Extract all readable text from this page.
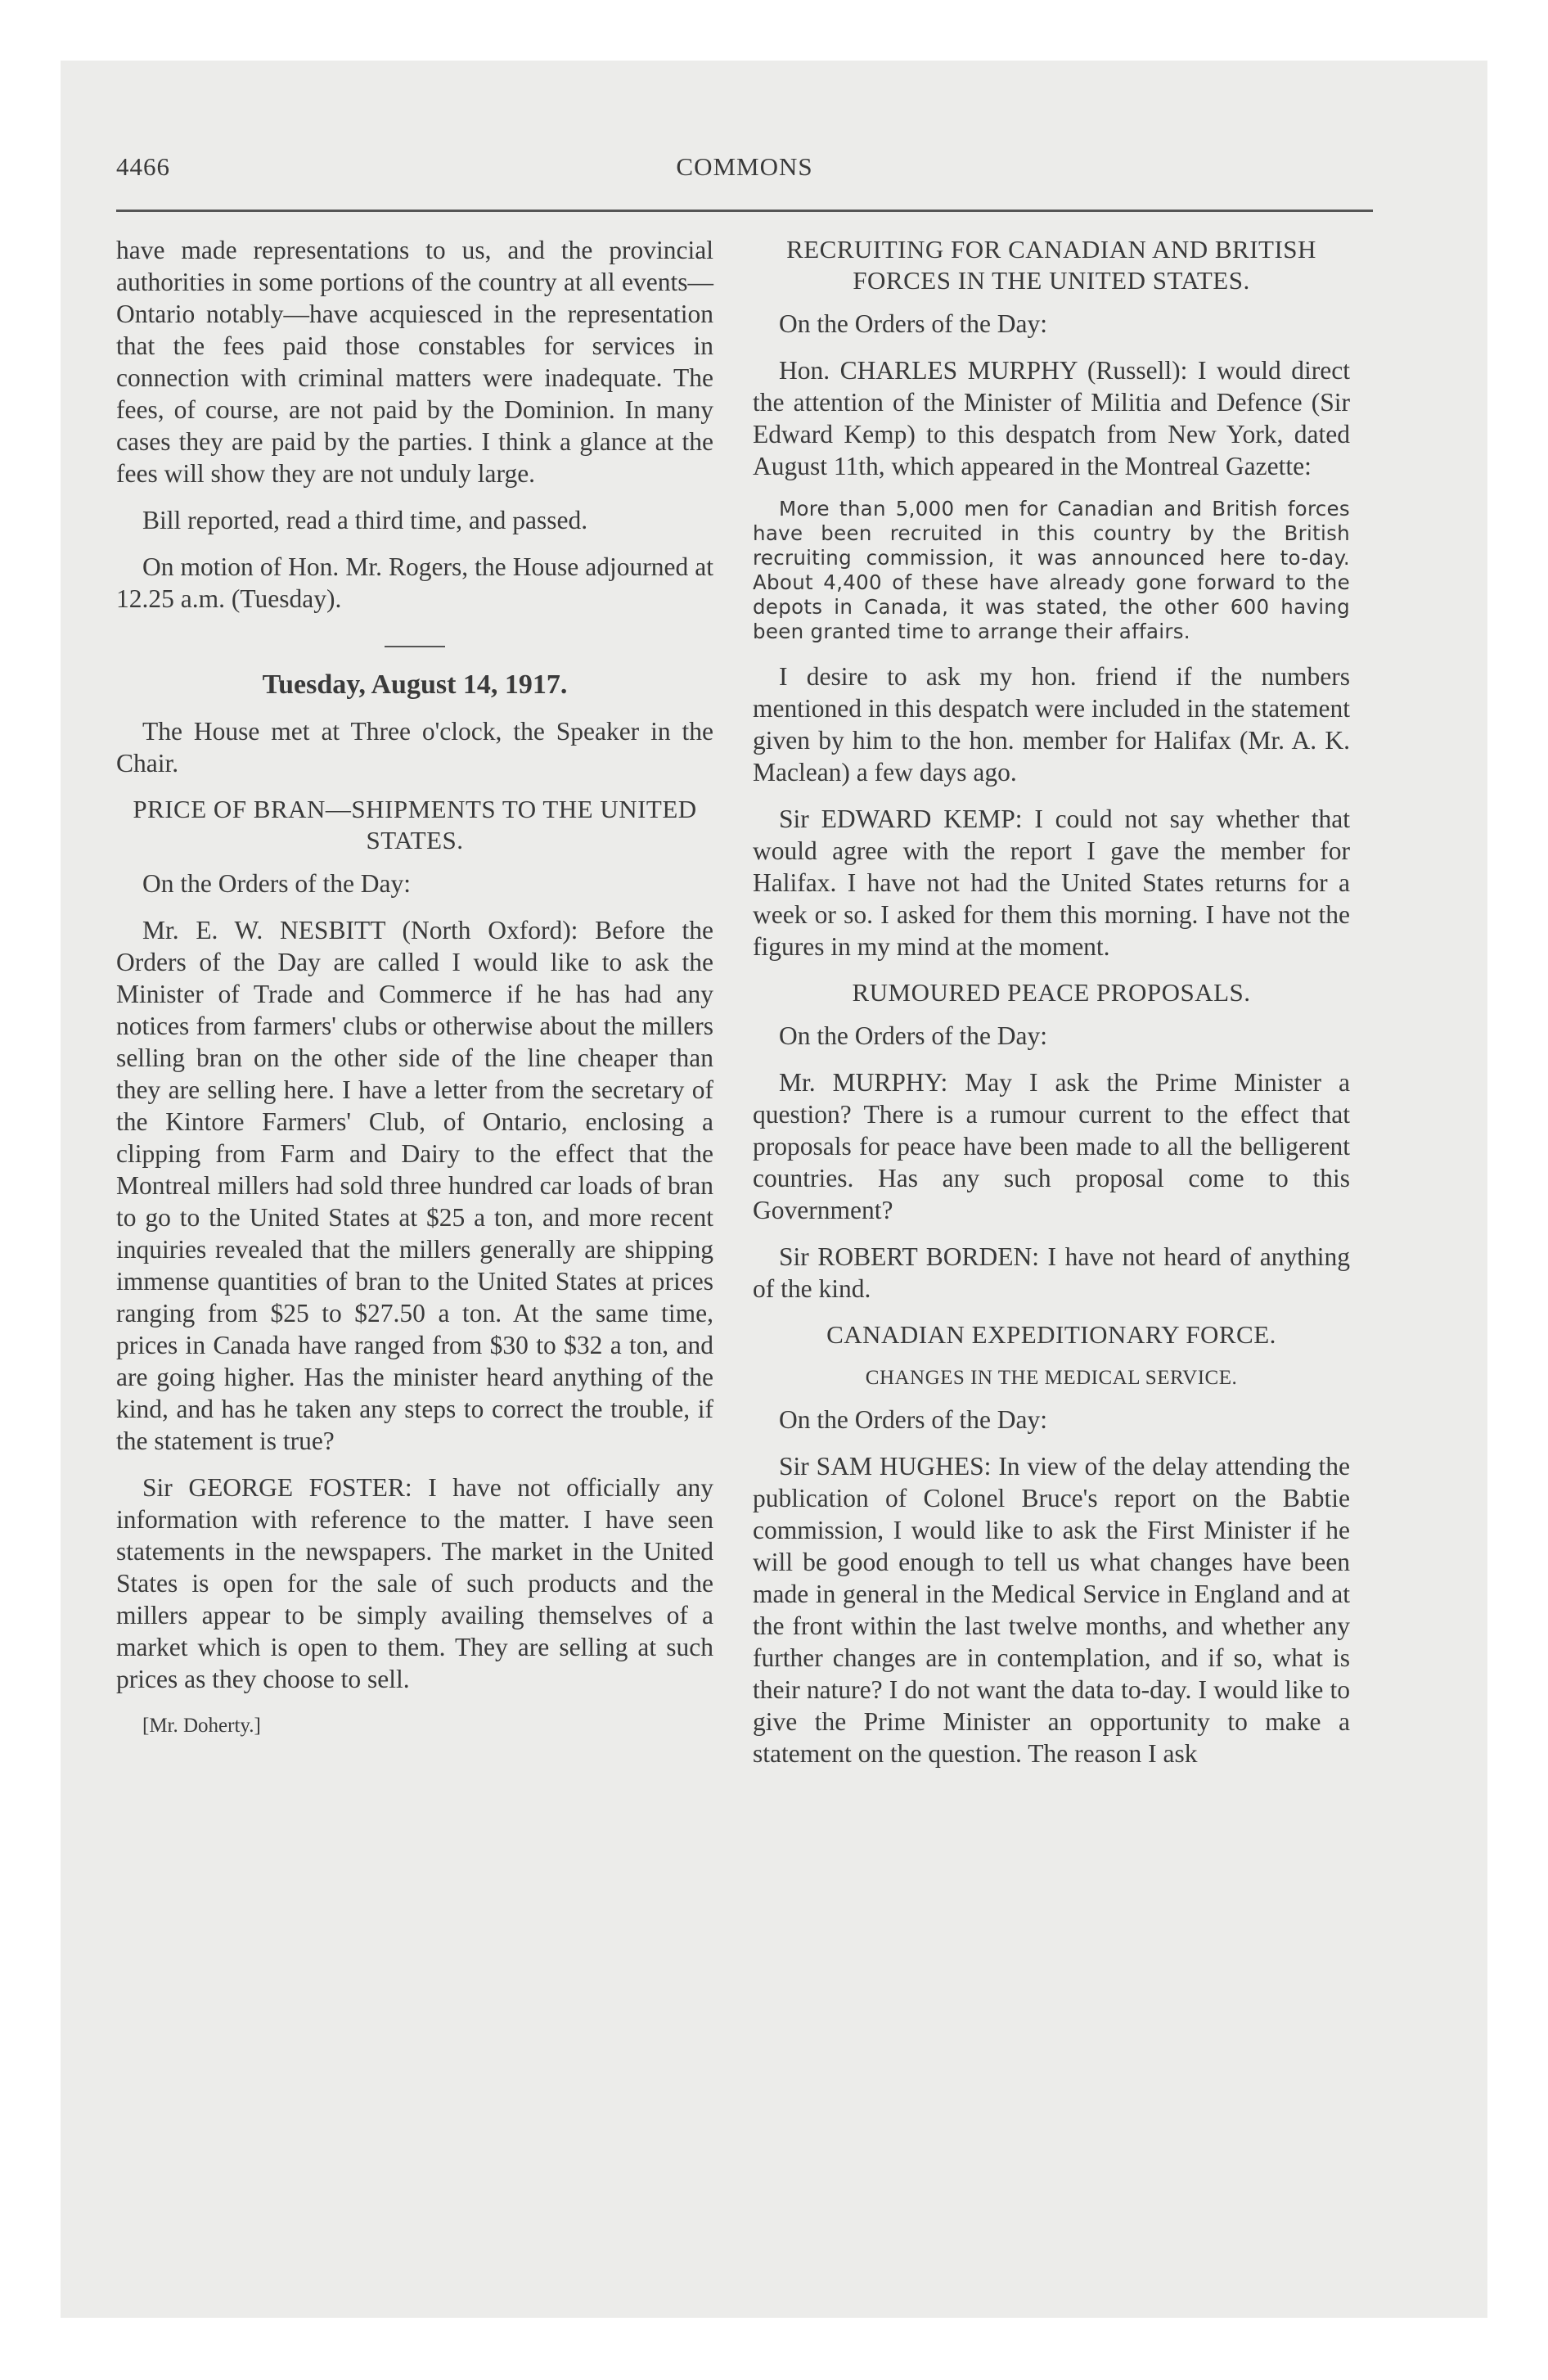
4466	COMMONS

have made representations to us, and the provincial authorities in some portions of the country at all events—Ontario notably—have acquiesced in the representation that the fees paid those constables for services in connection with criminal matters were inadequate. The fees, of course, are not paid by the Dominion. In many cases they are paid by the parties. I think a glance at the fees will show they are not unduly large.

Bill reported, read a third time, and passed.

On motion of Hon. Mr. Rogers, the House adjourned at 12.25 a.m. (Tuesday).

Tuesday, August 14, 1917.

The House met at Three o'clock, the Speaker in the Chair.

PRICE OF BRAN—SHIPMENTS TO THE UNITED STATES.

On the Orders of the Day:

Mr. E. W. NESBITT (North Oxford): Before the Orders of the Day are called I would like to ask the Minister of Trade and Commerce if he has had any notices from farmers' clubs or otherwise about the millers selling bran on the other side of the line cheaper than they are selling here. I have a letter from the secretary of the Kintore Farmers' Club, of Ontario, enclosing a clipping from Farm and Dairy to the effect that the Montreal millers had sold three hundred car loads of bran to go to the United States at $25 a ton, and more recent inquiries revealed that the millers generally are shipping immense quantities of bran to the United States at prices ranging from $25 to $27.50 a ton. At the same time, prices in Canada have ranged from $30 to $32 a ton, and are going higher. Has the minister heard anything of the kind, and has he taken any steps to correct the trouble, if the statement is true?

Sir GEORGE FOSTER: I have not officially any information with reference to the matter. I have seen statements in the newspapers. The market in the United States is open for the sale of such products and the millers appear to be simply availing themselves of a market which is open to them. They are selling at such prices as they choose to sell.

[Mr. Doherty.]
RECRUITING FOR CANADIAN AND BRITISH FORCES IN THE UNITED STATES.

On the Orders of the Day:

Hon. CHARLES MURPHY (Russell): I would direct the attention of the Minister of Militia and Defence (Sir Edward Kemp) to this despatch from New York, dated August 11th, which appeared in the Montreal Gazette:

More than 5,000 men for Canadian and British forces have been recruited in this country by the British recruiting commission, it was announced here to-day. About 4,400 of these have already gone forward to the depots in Canada, it was stated, the other 600 having been granted time to arrange their affairs.

I desire to ask my hon. friend if the numbers mentioned in this despatch were included in the statement given by him to the hon. member for Halifax (Mr. A. K. Maclean) a few days ago.

Sir EDWARD KEMP: I could not say whether that would agree with the report I gave the member for Halifax. I have not had the United States returns for a week or so. I asked for them this morning. I have not the figures in my mind at the moment.

RUMOURED PEACE PROPOSALS.

On the Orders of the Day:

Mr. MURPHY: May I ask the Prime Minister a question? There is a rumour current to the effect that proposals for peace have been made to all the belligerent countries. Has any such proposal come to this Government?

Sir ROBERT BORDEN: I have not heard of anything of the kind.

CANADIAN EXPEDITIONARY FORCE.
CHANGES IN THE MEDICAL SERVICE.

On the Orders of the Day:

Sir SAM HUGHES: In view of the delay attending the publication of Colonel Bruce's report on the Babtie commission, I would like to ask the First Minister if he will be good enough to tell us what changes have been made in general in the Medical Service in England and at the front within the last twelve months, and whether any further changes are in contemplation, and if so, what is their nature? I do not want the data to-day. I would like to give the Prime Minister an opportunity to make a statement on the question. The reason I ask
